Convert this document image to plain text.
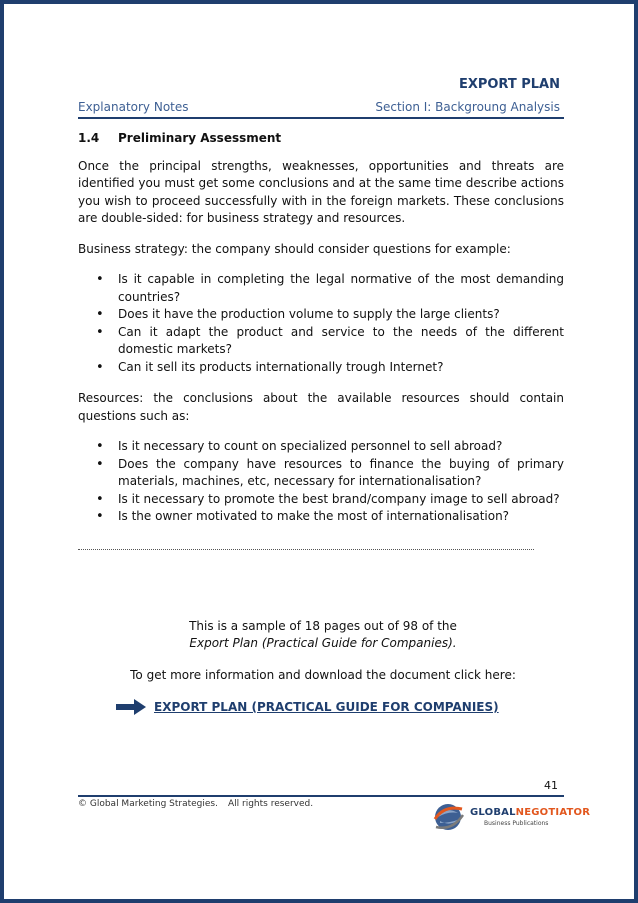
EXPORT PLAN
Explanatory Notes	Section I: Backgroung Analysis
1.4 Preliminary Assessment

Once the principal strengths, weaknesses, opportunities and threats are identified you must get some conclusions and at the same time describe actions you wish to proceed successfully with in the foreign markets. These conclusions are double-sided: for business strategy and resources.

Business strategy: the company should consider questions for example:

• Is it capable in completing the legal normative of the most demanding countries?
• Does it have the production volume to supply the large clients?
• Can it adapt the product and service to the needs of the different domestic markets?
• Can it sell its products internationally trough Internet?

Resources: the conclusions about the available resources should contain questions such as:

• Is it necessary to count on specialized personnel to sell abroad?
• Does the company have resources to finance the buying of primary materials, machines, etc, necessary for internationalisation?
• Is it necessary to promote the best brand/company image to sell abroad?
• Is the owner motivated to make the most of internationalisation?
This is a sample of 18 pages out of 98 of the
Export Plan (Practical Guide for Companies).
To get more information and download the document click here:
EXPORT PLAN (PRACTICAL GUIDE FOR COMPANIES)
41
© Global Marketing Strategies. All rights reserved.
GLOBALNEGOTIATOR
Business Publications
